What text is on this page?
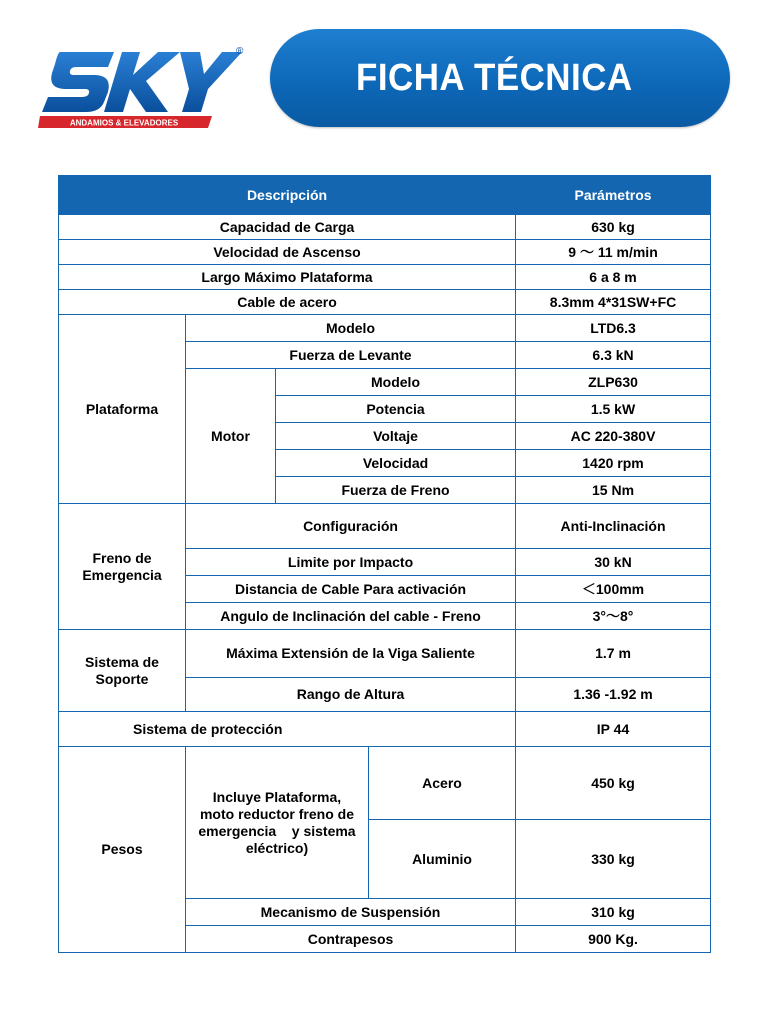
ANDAMIOS & ELEVADORES
®
FICHA TÉCNICA
Descripción				Parámetros
Capacidad de Carga				630 kg
Velocidad de Ascenso				9 ～ 11 m/min
Largo Máximo Plataforma				6 a 8 m
Cable de acero				8.3mm 4*31SW+FC
Plataforma	Modelo			LTD6.3
	Fuerza de Levante			6.3 kN
	Motor	Modelo		ZLP630
		Potencia		1.5 kW
		Voltaje		AC 220-380V
		Velocidad		1420 rpm
		Fuerza de Freno		15 Nm

Freno de
Emergencia	Configuración			Anti-Inclinación
	Limite por Impacto			30 kN
	Distancia de Cable Para activación			＜100mm
	Angulo de Inclinación del cable - Freno			3°～8°

Sistema de
Soporte	Máxima Extensión de la Viga Saliente			1.7 m
	Rango de Altura			1.36 -1.92 m
Sistema de protección				IP 44
Pesos	Incluye Plataforma,
moto reductor freno de
emergencia    y sistema
eléctrico)		Acero	450 kg
			Aluminio	330 kg
	Mecanismo de Suspensión			310 kg
	Contrapesos			900 Kg.
